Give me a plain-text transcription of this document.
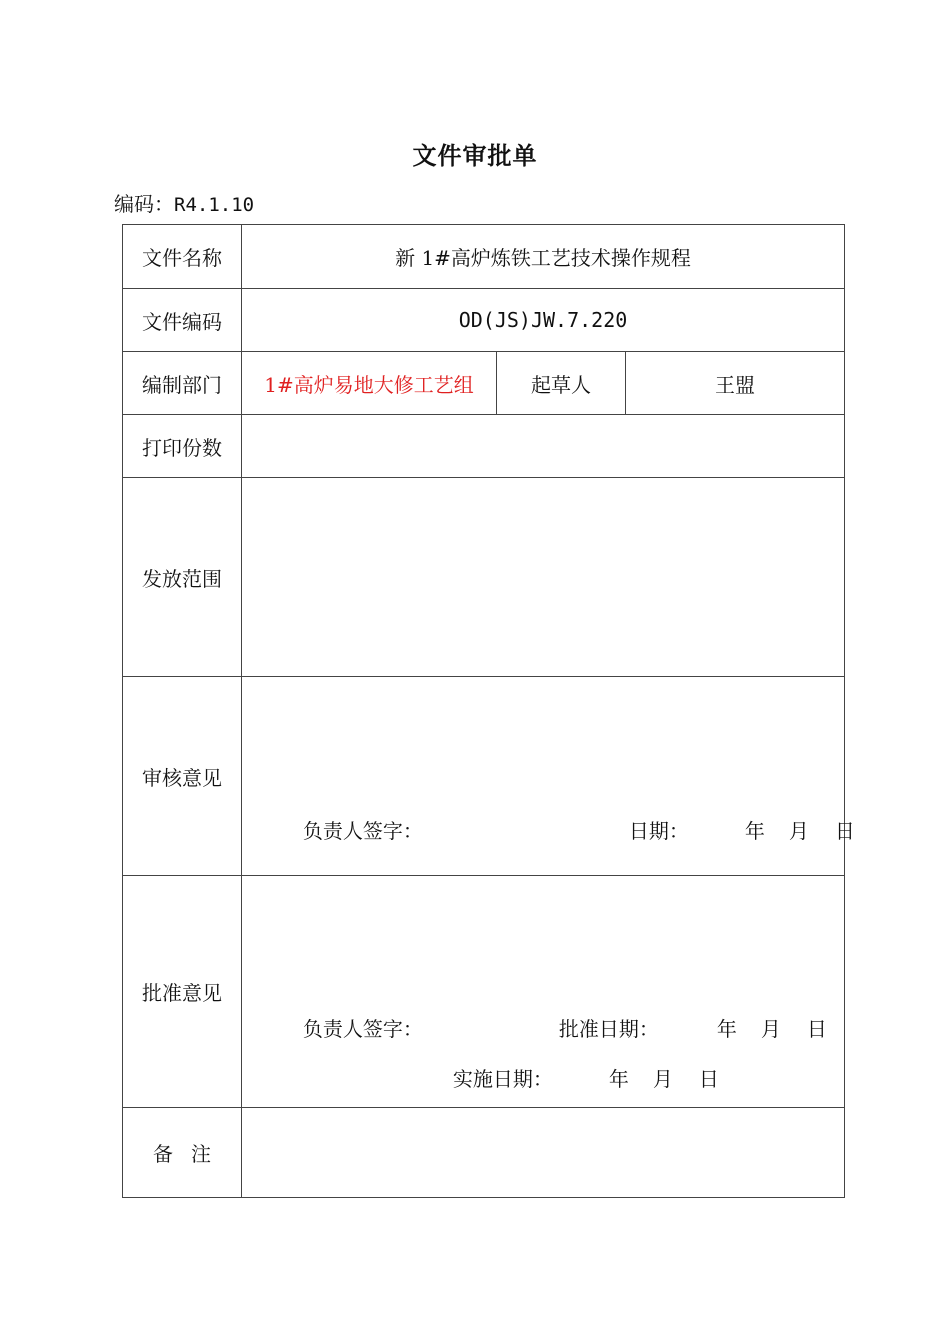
文件审批单
编码：R4.1.10
文件名称	新 1#高炉炼铁工艺技术操作规程		
文件编码	OD(JS)JW.7.220		
编制部门	1#高炉易地大修工艺组	起草人	王盟
打印份数			
发放范围			
审核意见	负责人签字： 日期： 年 月 日		

批准意见	负责人签字： 批准日期： 年 月 日

实施日期： 年 月 日		

备注			
